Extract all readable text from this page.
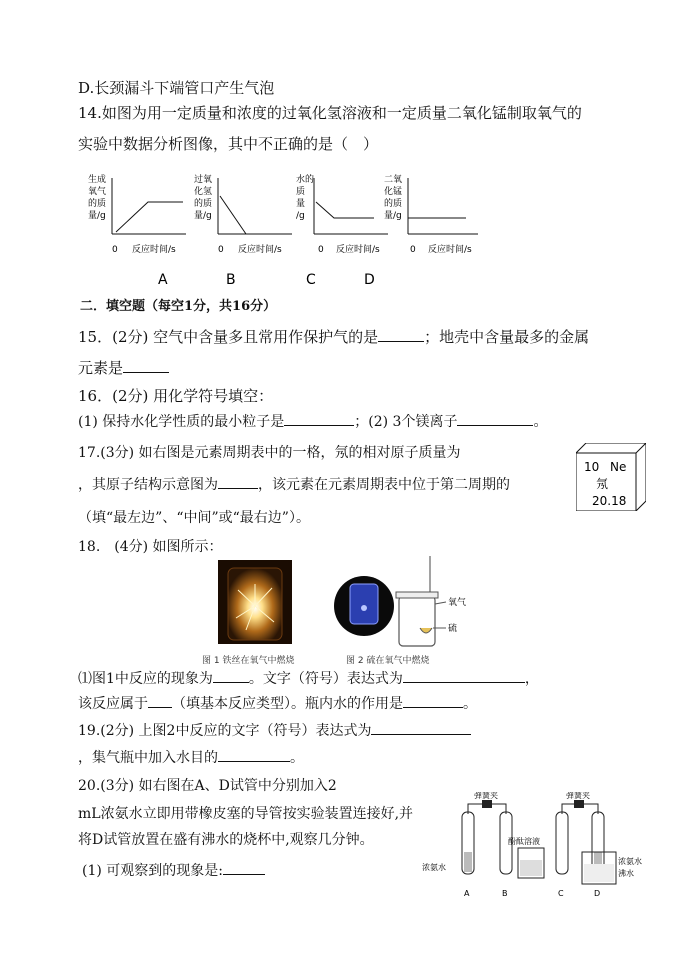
D.长颈漏斗下端管口产生气泡
14.如图为用一定质量和浓度的过氧化氢溶液和一定质量二氧化锰制取氧气的
实验中数据分析图像，其中不正确的是（　）
生成
氧气
的质
量/g
0 反应时间/s
A
过氧
化氢
的质
量/g
0 反应时间/s
B
水的
质
量
/g
0 反应时间/s
C
二氧
化锰
的质
量/g
0 反应时间/s
D
二．填空题（每空1分，共16分）
15．(2分) 空气中含量多且常用作保护气的是	；地壳中含量最多的金属
元素是
16．(2分) 用化学符号填空：
(1) 保持水化学性质的最小粒子是	；(2) 3个镁离子	。
17.(3分) 如右图是元素周期表中的一格，氖的相对原子质量为
，其原子结构示意图为	，该元素在元素周期表中位于第二周期的
（填“最左边”、“中间”或“最右边”）。
10 Ne
氖
20.18
18.　(4分) 如图所示：
图 1 铁丝在氧气中燃烧
氧气
硫
图 2 硫在氧气中燃烧
⑴图1中反应的现象为	。文字（符号）表达式为	，
该反应属于 （填基本反应类型）。瓶内水的作用是	。
19.(2分) 上图2中反应的文字（符号）表达式为
，集气瓶中加入水目的	。
20.(3分) 如右图在A、D试管中分别加入2
mL浓氨水立即用带橡皮塞的导管按实验装置连接好,并
将D试管放置在盛有沸水的烧杯中,观察几分钟。
(1) 可观察到的现象是:
弹簧夹
酚酞溶液
弹簧夹
浓氨水
浓氨水
沸水
A	B	C	D
